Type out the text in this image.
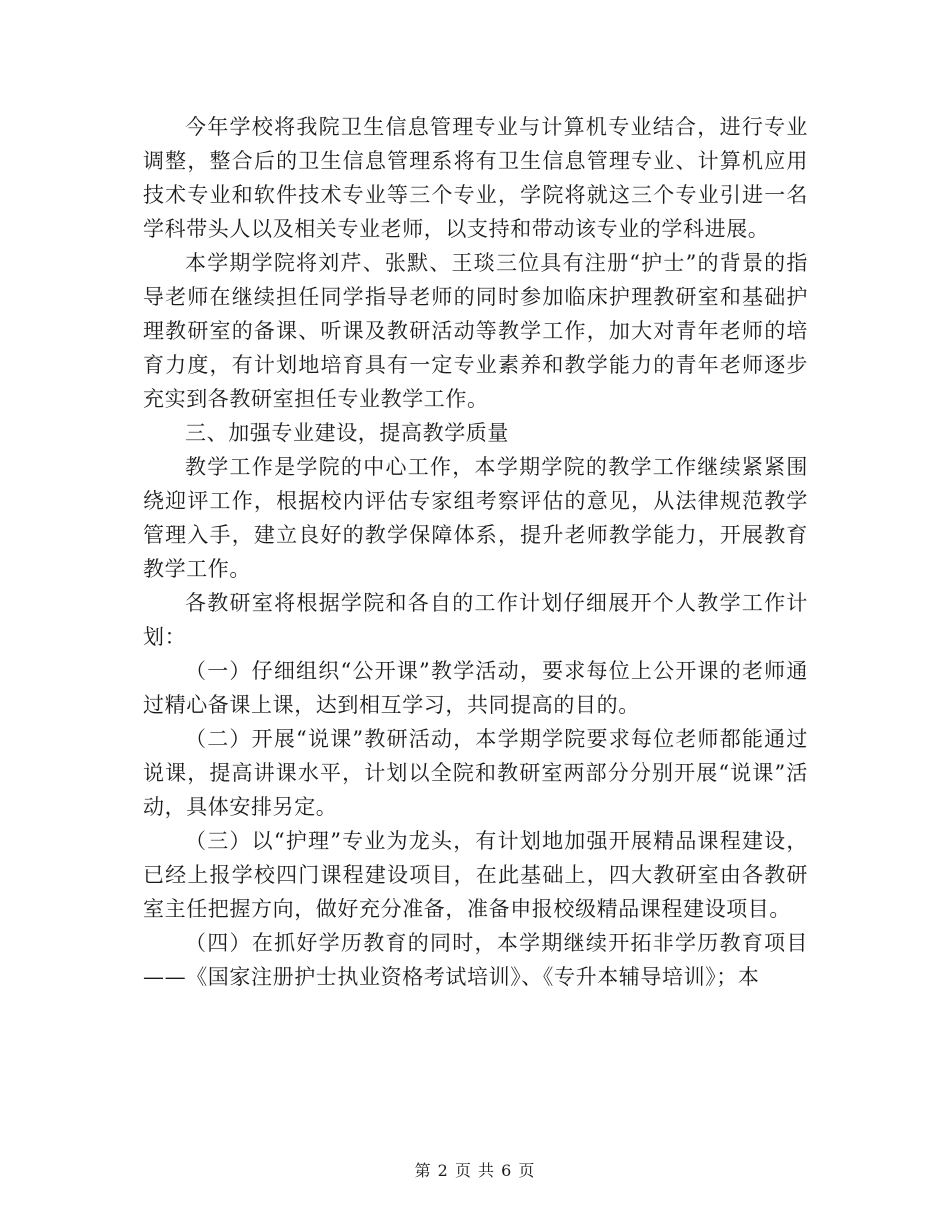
今年学校将我院卫生信息管理专业与计算机专业结合，进行专业调整，整合后的卫生信息管理系将有卫生信息管理专业、计算机应用技术专业和软件技术专业等三个专业，学院将就这三个专业引进一名学科带头人以及相关专业老师，以支持和带动该专业的学科进展。

本学期学院将刘芹、张默、王琰三位具有注册“护士”的背景的指导老师在继续担任同学指导老师的同时参加临床护理教研室和基础护理教研室的备课、听课及教研活动等教学工作，加大对青年老师的培育力度，有计划地培育具有一定专业素养和教学能力的青年老师逐步充实到各教研室担任专业教学工作。

三、加强专业建设，提高教学质量

教学工作是学院的中心工作，本学期学院的教学工作继续紧紧围绕迎评工作，根据校内评估专家组考察评估的意见，从法律规范教学管理入手，建立良好的教学保障体系，提升老师教学能力，开展教育教学工作。

各教研室将根据学院和各自的工作计划仔细展开个人教学工作计划：

（一）仔细组织“公开课”教学活动，要求每位上公开课的老师通过精心备课上课，达到相互学习，共同提高的目的。

（二）开展“说课”教研活动，本学期学院要求每位老师都能通过说课，提高讲课水平，计划以全院和教研室两部分分别开展“说课”活动，具体安排另定。

（三）以“护理”专业为龙头，有计划地加强开展精品课程建设，已经上报学校四门课程建设项目，在此基础上，四大教研室由各教研室主任把握方向，做好充分准备，准备申报校级精品课程建设项目。

（四）在抓好学历教育的同时，本学期继续开拓非学历教育项目——《国家注册护士执业资格考试培训》、《专升本辅导培训》；本

第 2 页 共 6 页
